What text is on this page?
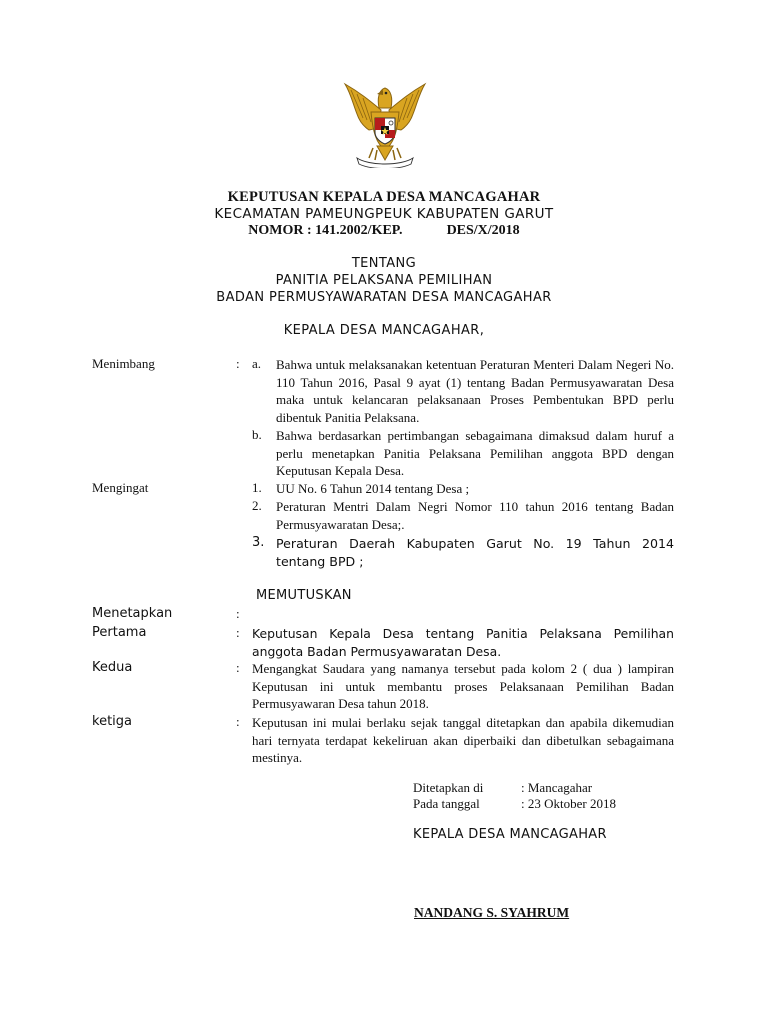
KEPUTUSAN KEPALA DESA MANCAGAHAR
KECAMATAN PAMEUNGPEUK KABUPATEN GARUT
NOMOR : 141.2002/KEP.	DES/X/2018
TENTANG
PANITIA PELAKSANA PEMILIHAN
BADAN PERMUSYAWARATAN DESA MANCAGAHAR
KEPALA DESA MANCAGAHAR,
Menimbang	: a. Bahwa untuk melaksanakan ketentuan Peraturan Menteri Dalam Negeri No. 110 Tahun 2016, Pasal 9 ayat (1) tentang Badan Permusyawaratan Desa maka untuk kelancaran pelaksanaan Proses Pembentukan BPD perlu dibentuk Panitia Pelaksana.
b. Bahwa berdasarkan pertimbangan sebagaimana dimaksud dalam huruf a perlu menetapkan Panitia Pelaksana Pemilihan anggota BPD dengan Keputusan Kepala Desa.
Mengingat	1. UU No. 6 Tahun 2014 tentang Desa ;
2. Peraturan Mentri Dalam Negri Nomor 110 tahun 2016 tentang Badan Permusyawaratan Desa;.
3. Peraturan Daerah Kabupaten Garut No. 19 Tahun 2014 tentang BPD ;
MEMUTUSKAN
Menetapkan	:
Pertama	: Keputusan Kepala Desa tentang Panitia Pelaksana Pemilihan anggota Badan Permusyawaratan Desa.
Kedua	: Mengangkat Saudara yang namanya tersebut pada kolom 2 ( dua ) lampiran Keputusan ini untuk membantu proses Pelaksanaan Pemilihan Badan Permusyawaran Desa tahun 2018.
ketiga	: Keputusan ini mulai berlaku sejak tanggal ditetapkan dan apabila dikemudian hari ternyata terdapat kekeliruan akan diperbaiki dan dibetulkan sebagaimana mestinya.
Ditetapkan di	: Mancagahar
Pada tanggal	: 23 Oktober 2018
KEPALA DESA MANCAGAHAR
NANDANG S. SYAHRUM
